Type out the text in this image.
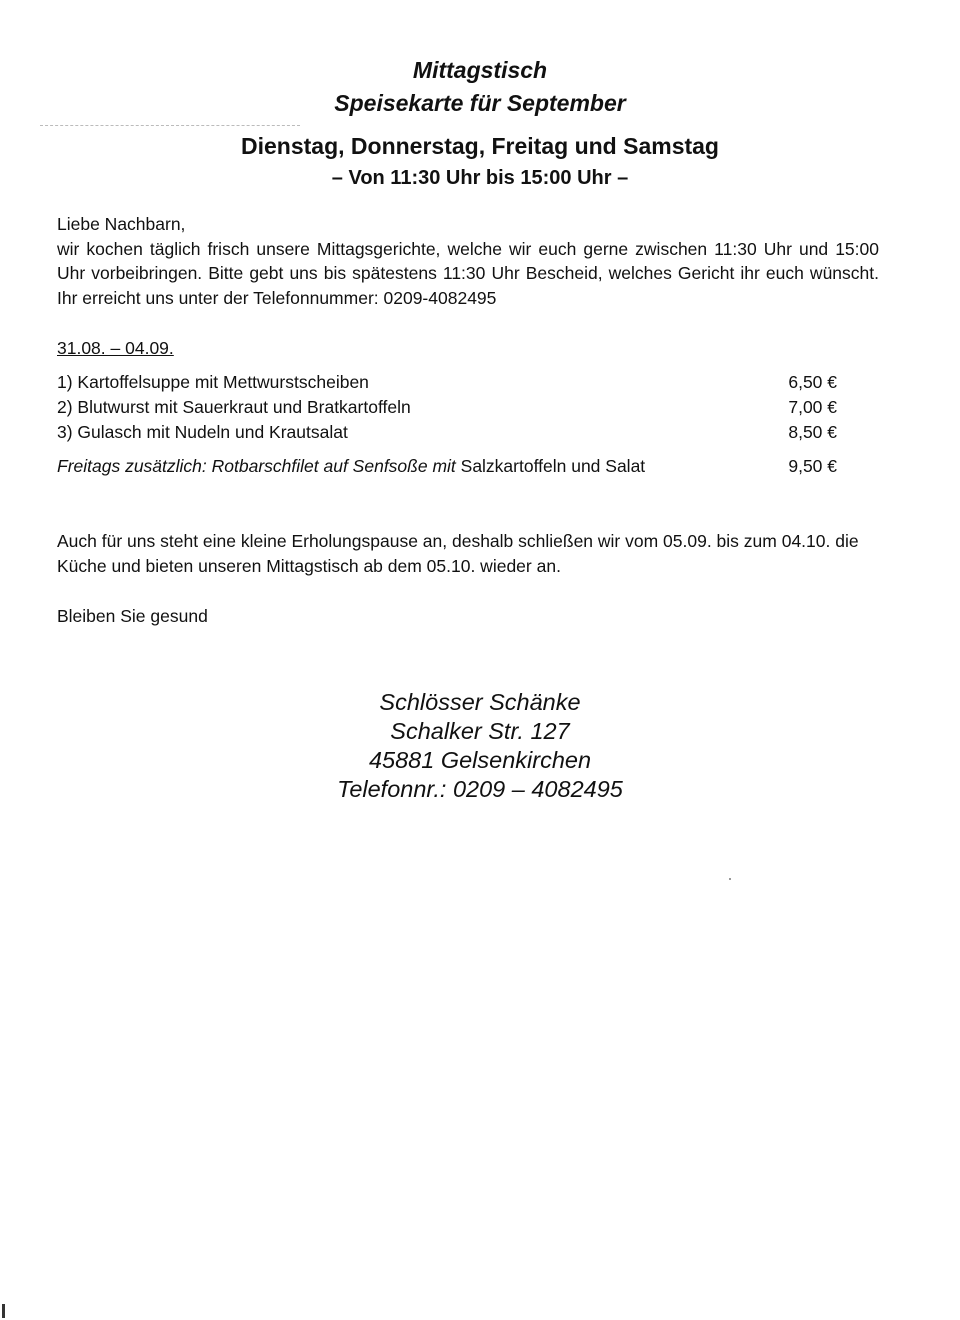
Mittagstisch
Speisekarte für September
Dienstag, Donnerstag, Freitag und Samstag
– Von 11:30 Uhr bis 15:00 Uhr –
Liebe Nachbarn,
wir kochen täglich frisch unsere Mittagsgerichte, welche wir euch gerne zwischen 11:30 Uhr und 15:00 Uhr vorbeibringen. Bitte gebt uns bis spätestens 11:30 Uhr Bescheid, welches Gericht ihr euch wünscht. Ihr erreicht uns unter der Telefonnummer: 0209-4082495
31.08. – 04.09.
1) Kartoffelsuppe mit Mettwurstscheiben	6,50 €
2) Blutwurst mit Sauerkraut und Bratkartoffeln	7,00 €
3) Gulasch mit Nudeln und Krautsalat	8,50 €
Freitags zusätzlich: Rotbarschfilet auf Senfsoße mit Salzkartoffeln und Salat	9,50 €
Auch für uns steht eine kleine Erholungspause an, deshalb schließen wir vom 05.09. bis zum 04.10. die Küche und bieten unseren Mittagstisch ab dem 05.10. wieder an.
Bleiben Sie gesund
Schlösser Schänke
Schalker Str. 127
45881 Gelsenkirchen
Telefonnr.: 0209 – 4082495
